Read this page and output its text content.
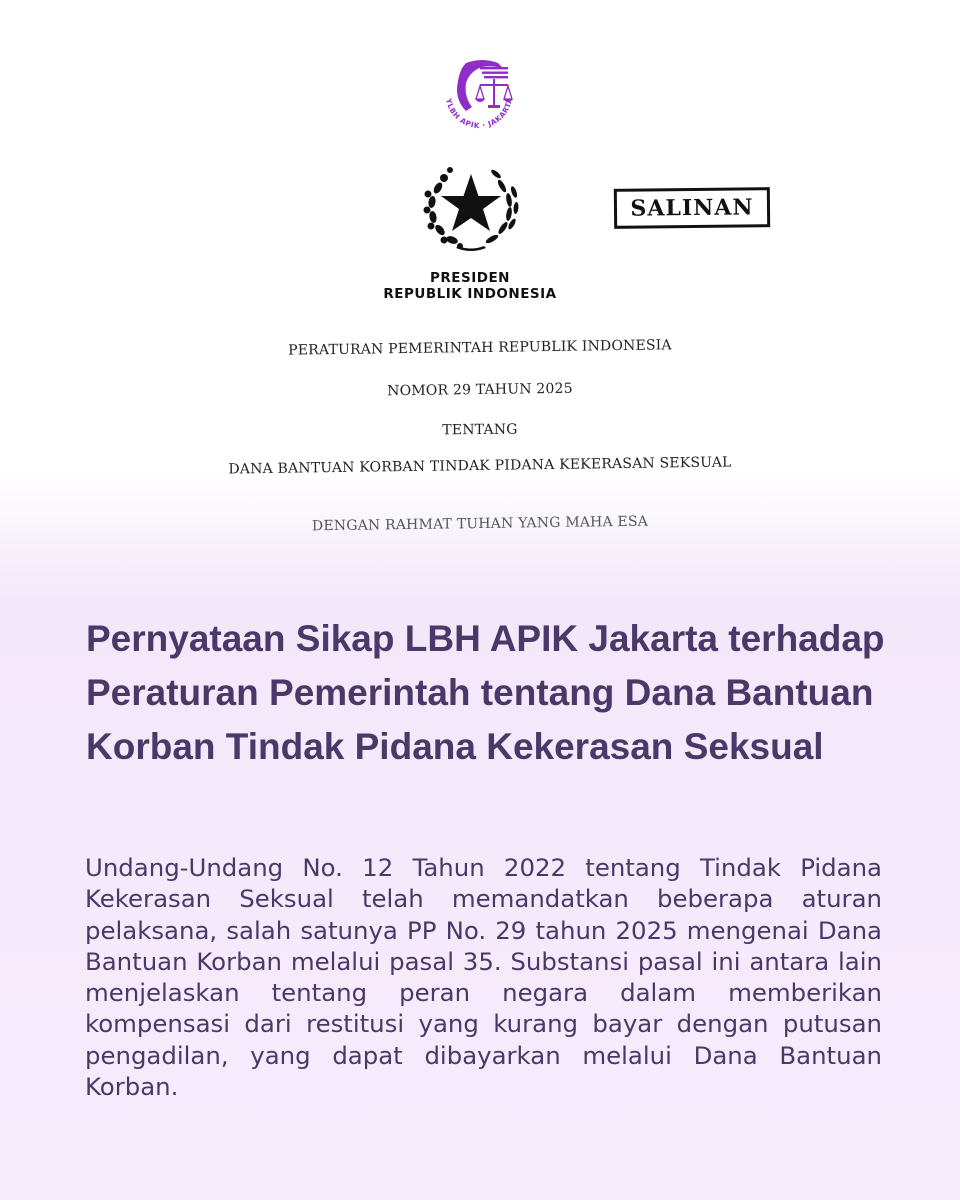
YLBH APIK · JAKARTA
SALINAN
PRESIDEN
REPUBLIK INDONESIA
PERATURAN PEMERINTAH REPUBLIK INDONESIA
NOMOR 29 TAHUN 2025
TENTANG
DANA BANTUAN KORBAN TINDAK PIDANA KEKERASAN SEKSUAL
DENGAN RAHMAT TUHAN YANG MAHA ESA
Pernyataan Sikap LBH APIK Jakarta terhadap Peraturan Pemerintah tentang Dana Bantuan Korban Tindak Pidana Kekerasan Seksual

Undang-Undang No. 12 Tahun 2022 tentang Tindak Pidana Kekerasan Seksual telah memandatkan beberapa aturan pelaksana, salah satunya PP No. 29 tahun 2025 mengenai Dana Bantuan Korban melalui pasal 35. Substansi pasal ini antara lain menjelaskan tentang peran negara dalam memberikan kompensasi dari restitusi yang kurang bayar dengan putusan pengadilan, yang dapat dibayarkan melalui Dana Bantuan Korban.
